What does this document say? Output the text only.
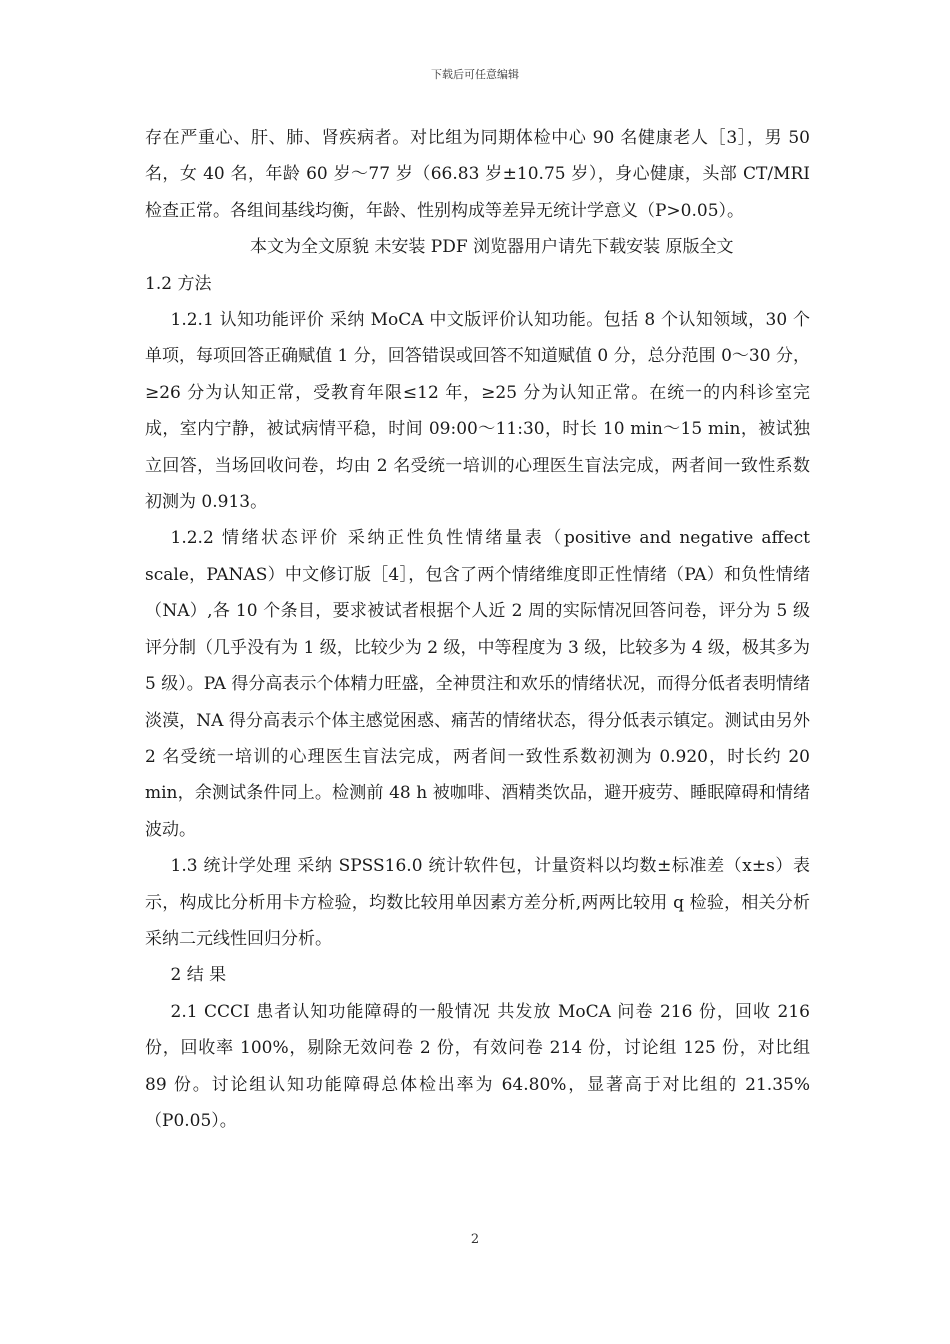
下载后可任意编辑

存在严重心、肝、肺、肾疾病者。对比组为同期体检中心 90 名健康老人［3］，男 50 名，女 40 名，年龄 60 岁～77 岁（66.83 岁±10.75 岁），身心健康，头部 CT/MRI 检查正常。各组间基线均衡，年龄、性别构成等差异无统计学意义（P>0.05）。

本文为全文原貌 未安装 PDF 浏览器用户请先下载安装 原版全文

1.2 方法

1.2.1 认知功能评价 采纳 MoCA 中文版评价认知功能。包括 8 个认知领域，30 个单项，每项回答正确赋值 1 分，回答错误或回答不知道赋值 0 分，总分范围 0～30 分，≥26 分为认知正常，受教育年限≤12 年，≥25 分为认知正常。在统一的内科诊室完成，室内宁静，被试病情平稳，时间 09:00～11:30，时长 10 min～15 min，被试独立回答，当场回收问卷，均由 2 名受统一培训的心理医生盲法完成，两者间一致性系数初测为 0.913。

1.2.2 情绪状态评价 采纳正性负性情绪量表（positive and negative affect scale，PANAS）中文修订版［4］，包含了两个情绪维度即正性情绪（PA）和负性情绪（NA）,各 10 个条目，要求被试者根据个人近 2 周的实际情况回答问卷，评分为 5 级评分制（几乎没有为 1 级，比较少为 2 级，中等程度为 3 级，比较多为 4 级，极其多为 5 级）。PA 得分高表示个体精力旺盛，全神贯注和欢乐的情绪状况，而得分低者表明情绪淡漠，NA 得分高表示个体主感觉困惑、痛苦的情绪状态，得分低表示镇定。测试由另外 2 名受统一培训的心理医生盲法完成，两者间一致性系数初测为 0.920，时长约 20 min，余测试条件同上。检测前 48 h 被咖啡、酒精类饮品，避开疲劳、睡眠障碍和情绪波动。

1.3 统计学处理 采纳 SPSS16.0 统计软件包，计量资料以均数±标准差（x±s）表示，构成比分析用卡方检验，均数比较用单因素方差分析,两两比较用 q 检验，相关分析采纳二元线性回归分析。

2 结 果

2.1 CCCI 患者认知功能障碍的一般情况 共发放 MoCA 问卷 216 份，回收 216 份，回收率 100%，剔除无效问卷 2 份，有效问卷 214 份，讨论组 125 份，对比组 89 份。讨论组认知功能障碍总体检出率为 64.80%，显著高于对比组的 21.35%（P0.05）。

2
